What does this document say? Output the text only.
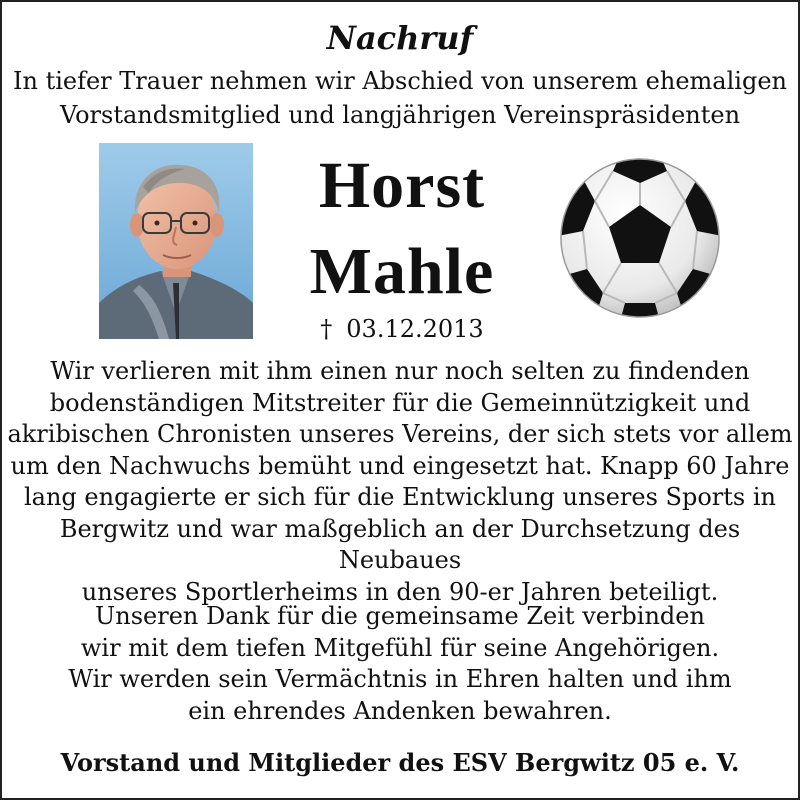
Nachruf
In tiefer Trauer nehmen wir Abschied von unserem ehemaligen
Vorstandsmitglied und langjährigen Vereinspräsidenten
Horst
Mahle
† 03.12.2013
Wir verlieren mit ihm einen nur noch selten zu findenden
bodenständigen Mitstreiter für die Gemeinnützigkeit und
akribischen Chronisten unseres Vereins, der sich stets vor allem
um den Nachwuchs bemüht und eingesetzt hat. Knapp 60 Jahre
lang engagierte er sich für die Entwicklung unseres Sports in
Bergwitz und war maßgeblich an der Durchsetzung des Neubaues
unseres Sportlerheims in den 90-er Jahren beteiligt.
Unseren Dank für die gemeinsame Zeit verbinden
wir mit dem tiefen Mitgefühl für seine Angehörigen.
Wir werden sein Vermächtnis in Ehren halten und ihm
ein ehrendes Andenken bewahren.
Vorstand und Mitglieder des ESV Bergwitz 05 e. V.
